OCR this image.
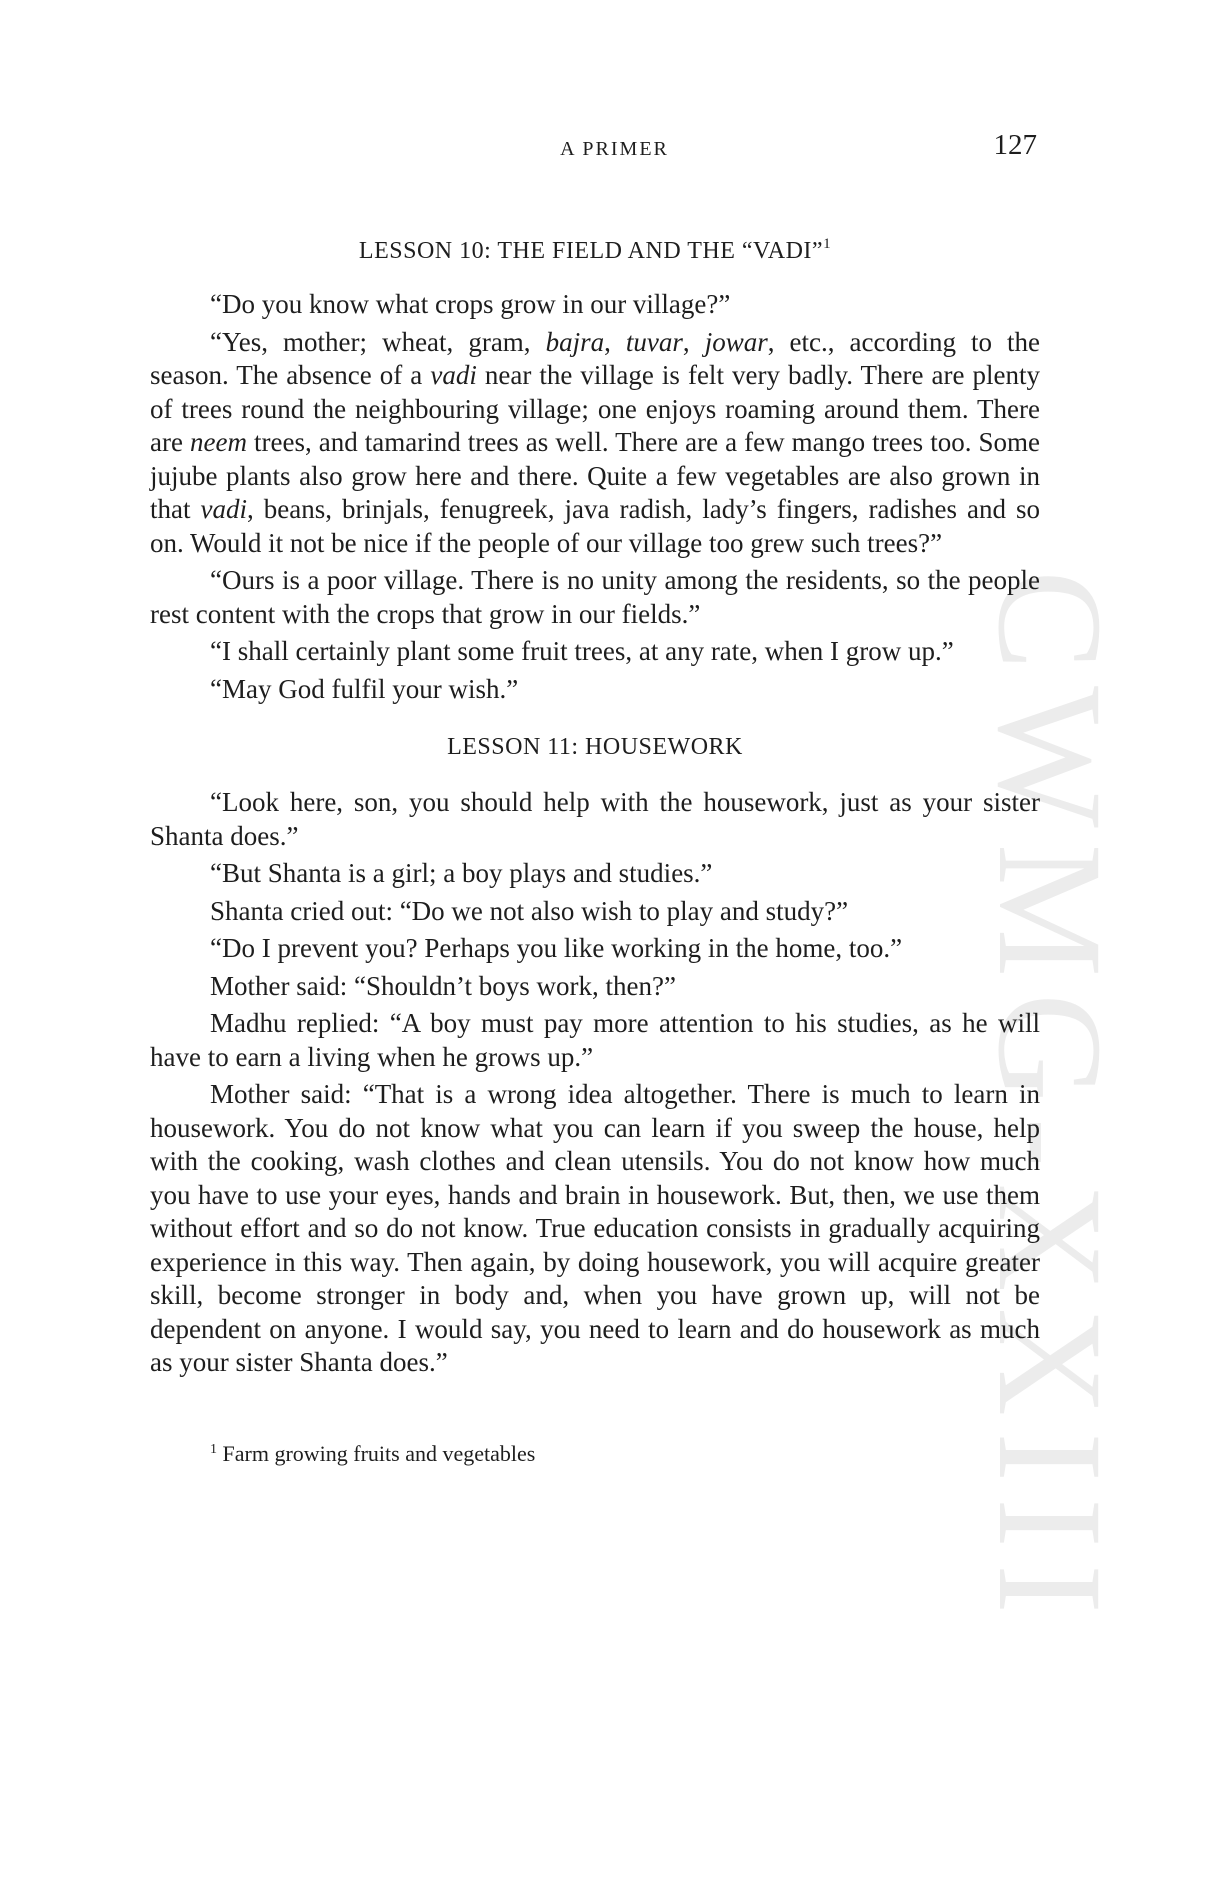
CWMG-XXIII
A PRIMER	127
LESSON 10: THE FIELD AND THE “VADI”$^1$

“Do you know what crops grow in our village?”

“Yes, mother; wheat, gram, bajra, tuvar, jowar, etc., according to the season. The absence of a vadi near the village is felt very badly. There are plenty of trees round the neighbouring village; one enjoys roaming around them. There are neem trees, and tamarind trees as well. There are a few mango trees too. Some jujube plants also grow here and there. Quite a few vegetables are also grown in that vadi, beans, brinjals, fenugreek, java radish, lady’s fingers, radishes and so on. Would it not be nice if the people of our village too grew such trees?”

“Ours is a poor village. There is no unity among the residents, so the people rest content with the crops that grow in our fields.”

“I shall certainly plant some fruit trees, at any rate, when I grow up.”

“May God fulfil your wish.”

LESSON 11: HOUSEWORK

“Look here, son, you should help with the housework, just as your sister Shanta does.”

“But Shanta is a girl; a boy plays and studies.”

Shanta cried out: “Do we not also wish to play and study?”

“Do I prevent you? Perhaps you like working in the home, too.”

Mother said: “Shouldn’t boys work, then?”

Madhu replied: “A boy must pay more attention to his studies, as he will have to earn a living when he grows up.”

Mother said: “That is a wrong idea altogether. There is much to learn in housework. You do not know what you can learn if you sweep the house, help with the cooking, wash clothes and clean utensils. You do not know how much you have to use your eyes, hands and brain in housework. But, then, we use them without effort and so do not know. True education consists in gradually acquiring experience in this way. Then again, by doing housework, you will acquire greater skill, become stronger in body and, when you have grown up, will not be dependent on anyone. I would say, you need to learn and do housework as much as your sister Shanta does.”

$^1$ Farm growing fruits and vegetables
